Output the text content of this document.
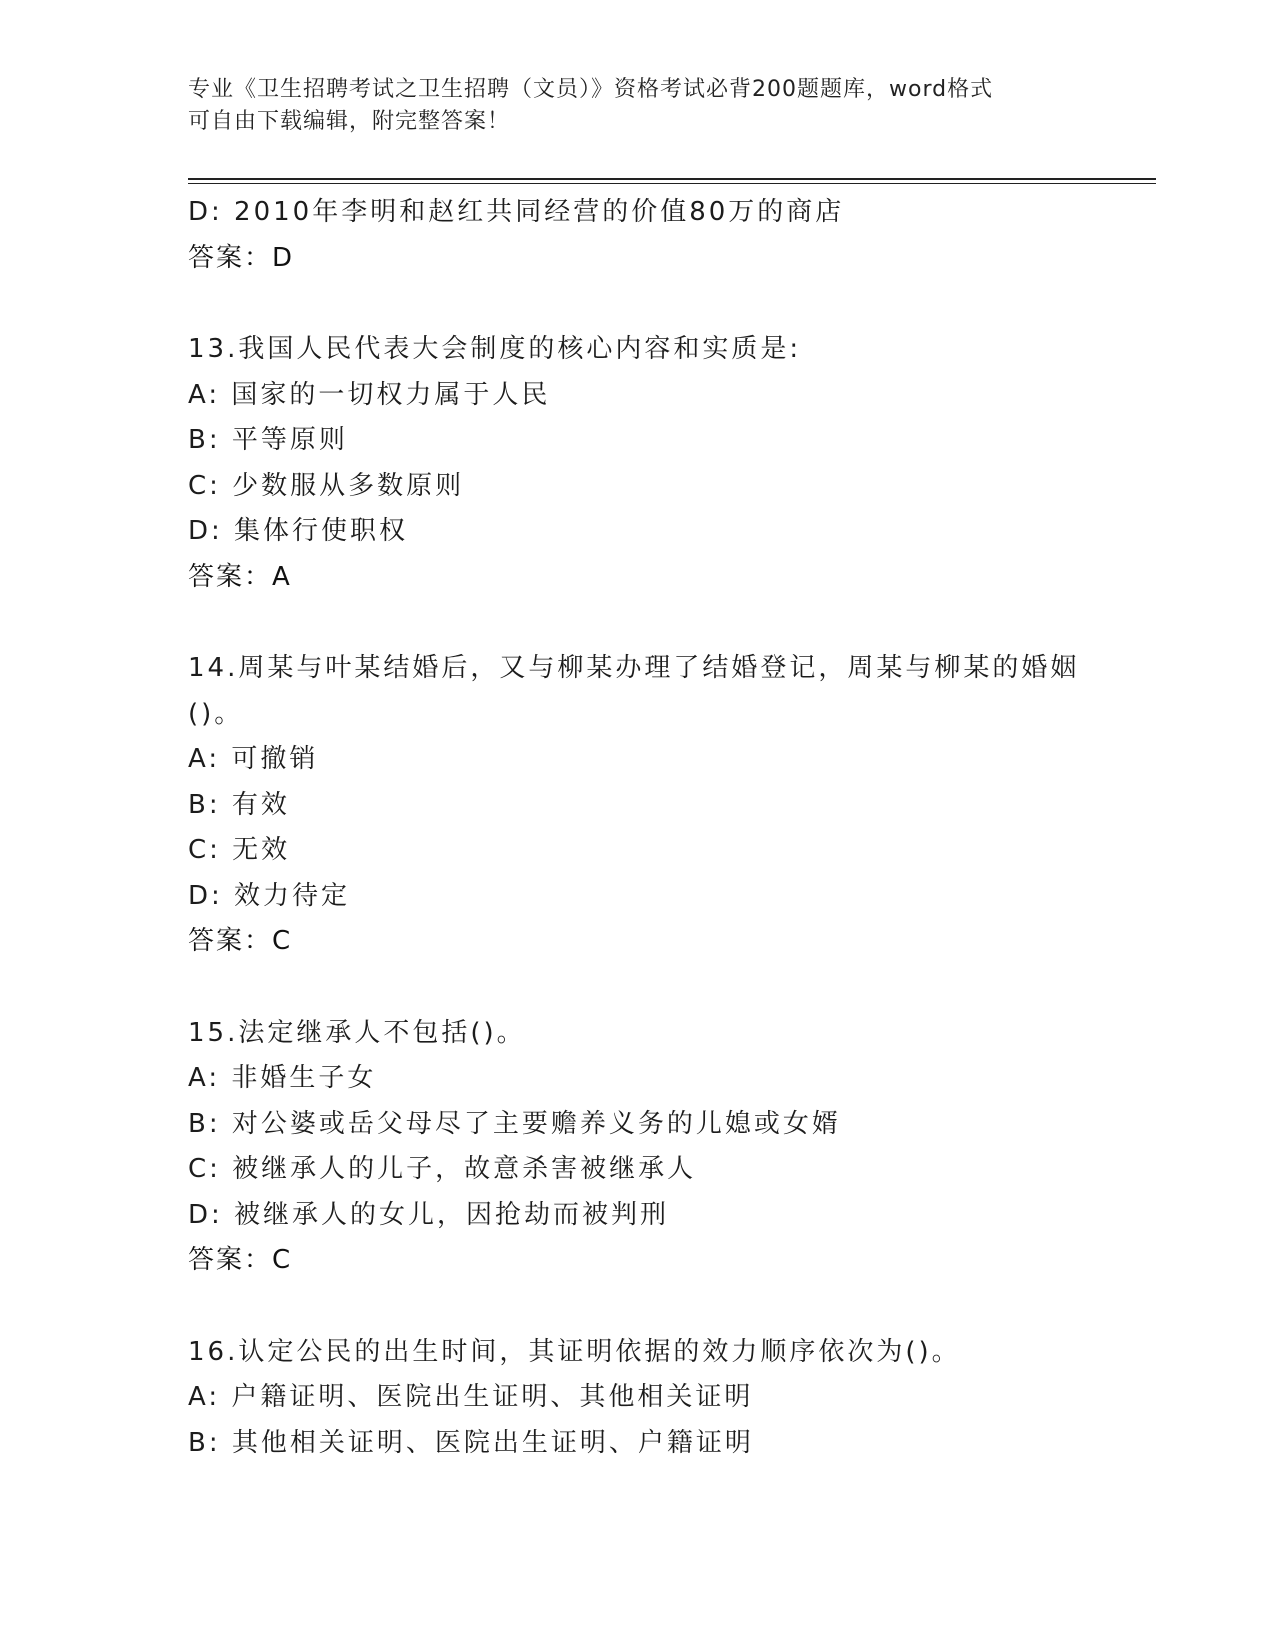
专业《卫生招聘考试之卫生招聘（文员）》资格考试必背200题题库，word格式
可自由下载编辑，附完整答案！
D: 2010年李明和赵红共同经营的价值80万的商店
答案：D
13.我国人民代表大会制度的核心内容和实质是:
A: 国家的一切权力属于人民
B: 平等原则
C: 少数服从多数原则
D: 集体行使职权
答案：A
14.周某与叶某结婚后，又与柳某办理了结婚登记，周某与柳某的婚姻
()。
A: 可撤销
B: 有效
C: 无效
D: 效力待定
答案：C
15.法定继承人不包括()。
A: 非婚生子女
B: 对公婆或岳父母尽了主要赡养义务的儿媳或女婿
C: 被继承人的儿子，故意杀害被继承人
D: 被继承人的女儿，因抢劫而被判刑
答案：C
16.认定公民的出生时间，其证明依据的效力顺序依次为()。
A: 户籍证明、医院出生证明、其他相关证明
B: 其他相关证明、医院出生证明、户籍证明
